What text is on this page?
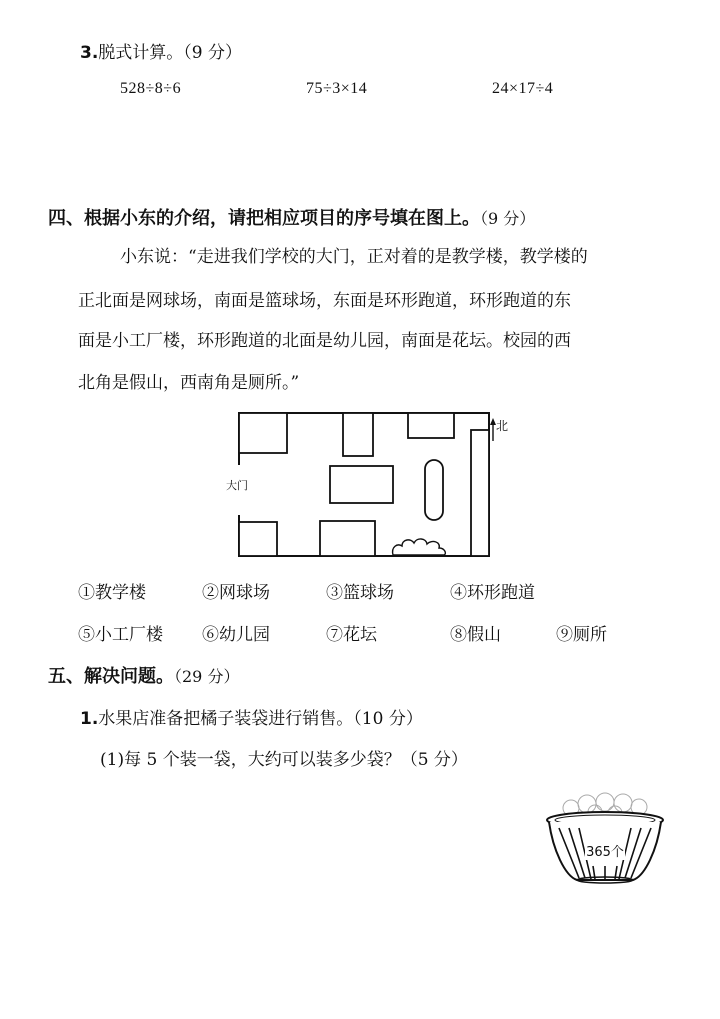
3.脱式计算。（9 分）
528÷8÷6	75÷3×14	24×17÷4
四、根据小东的介绍，请把相应项目的序号填在图上。（9 分）
小东说：“走进我们学校的大门，正对着的是教学楼，教学楼的
正北面是网球场，南面是篮球场，东面是环形跑道，环形跑道的东
面是小工厂楼，环形跑道的北面是幼儿园，南面是花坛。校园的西
北角是假山，西南角是厕所。”
大门
北
①教学楼	②网球场	③篮球场	④环形跑道
⑤小工厂楼 ⑥幼儿园	⑦花坛	⑧假山	⑨厕所
五、解决问题。（29 分）
1.水果店准备把橘子装袋进行销售。（10 分）
(1)每 5 个装一袋，大约可以装多少袋？（5 分）
365个
